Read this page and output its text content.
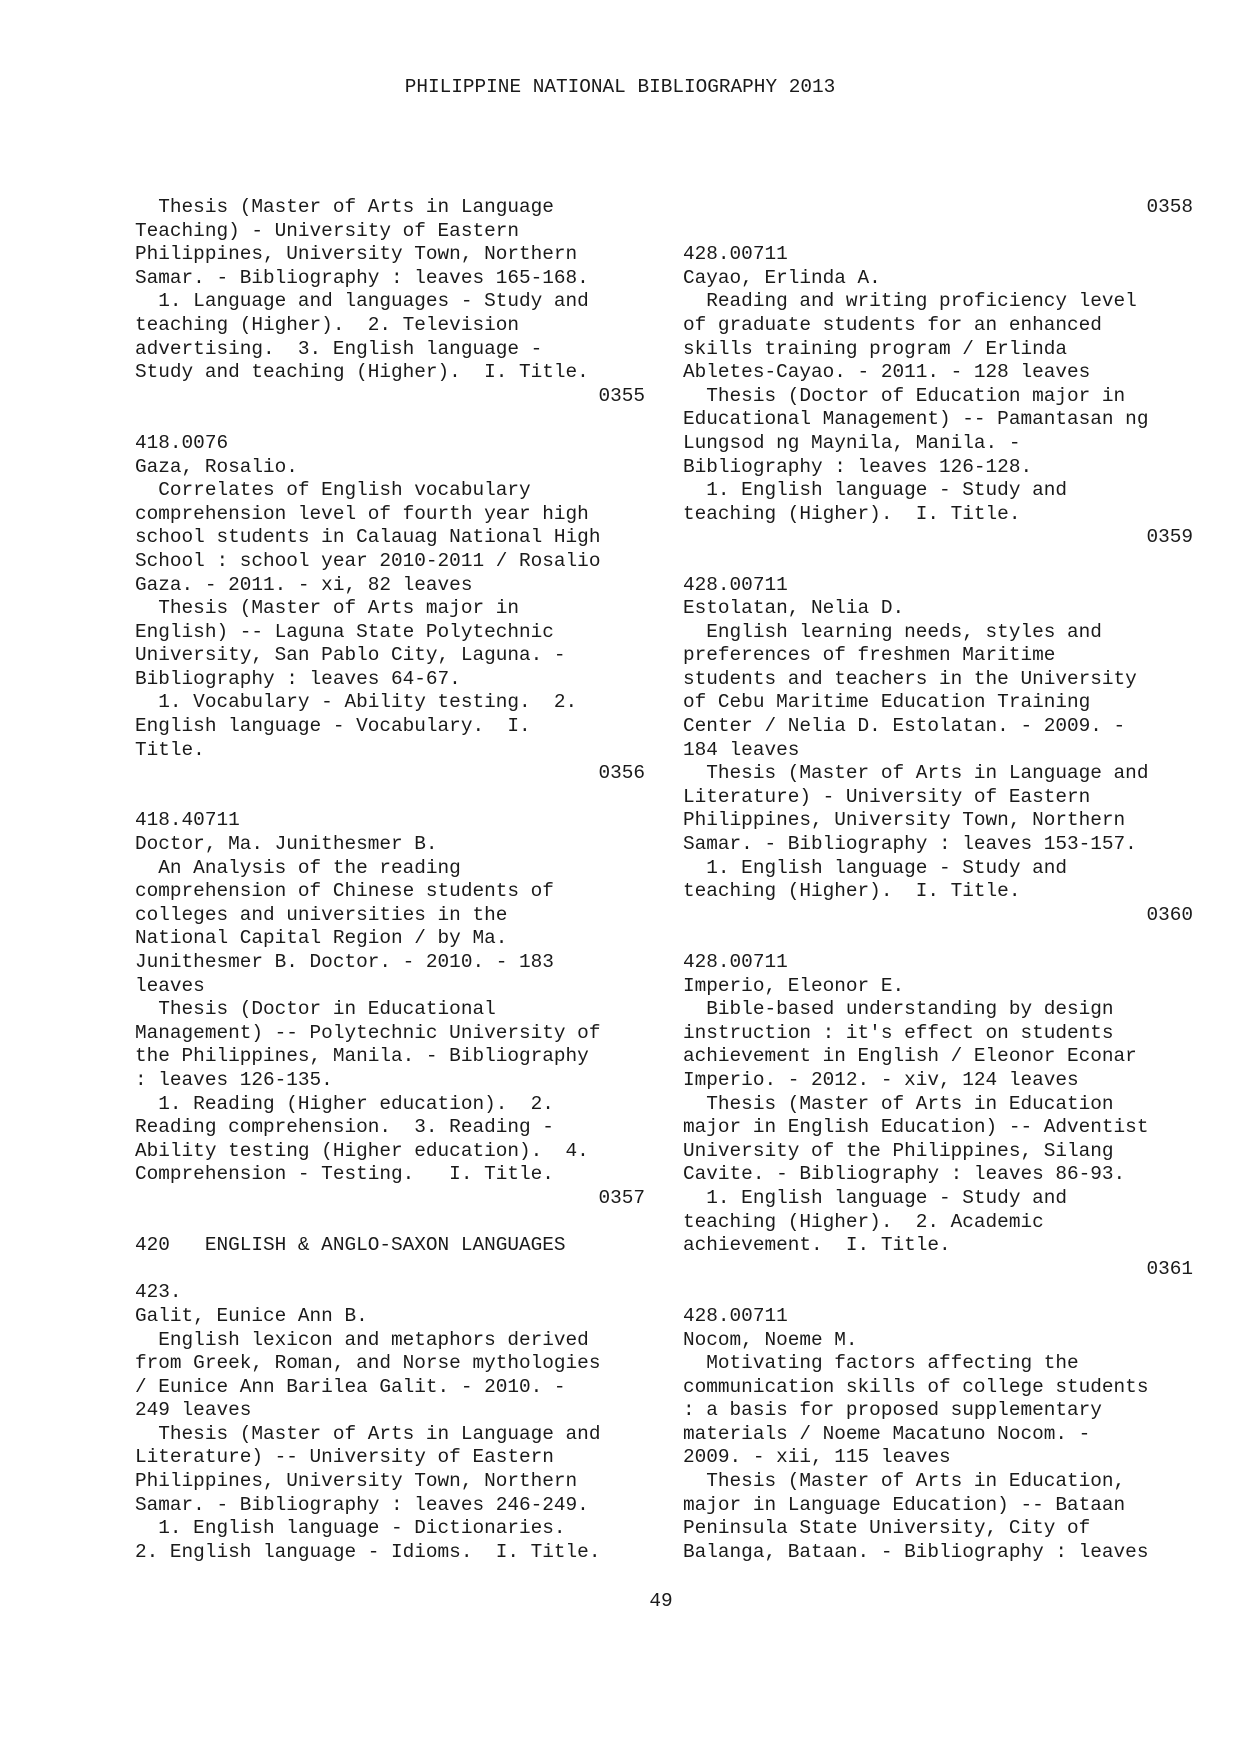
PHILIPPINE NATIONAL BIBLIOGRAPHY 2013
Thesis (Master of Arts in Language
Teaching) - University of Eastern
Philippines, University Town, Northern
Samar. - Bibliography : leaves 165-168.
1. Language and languages - Study and
teaching (Higher).  2. Television
advertising.  3. English language -
Study and teaching (Higher).  I. Title.
0355
418.0076
Gaza, Rosalio.
Correlates of English vocabulary
comprehension level of fourth year high
school students in Calauag National High
School : school year 2010-2011 / Rosalio
Gaza. - 2011. - xi, 82 leaves
Thesis (Master of Arts major in
English) -- Laguna State Polytechnic
University, San Pablo City, Laguna. -
Bibliography : leaves 64-67.
1. Vocabulary - Ability testing.  2.
English language - Vocabulary.  I.
Title.
0356
418.40711
Doctor, Ma. Junithesmer B.
An Analysis of the reading
comprehension of Chinese students of
colleges and universities in the
National Capital Region / by Ma.
Junithesmer B. Doctor. - 2010. - 183
leaves
Thesis (Doctor in Educational
Management) -- Polytechnic University of
the Philippines, Manila. - Bibliography
: leaves 126-135.
1. Reading (Higher education).  2.
Reading comprehension.  3. Reading -
Ability testing (Higher education).  4.
Comprehension - Testing.   I. Title.
0357
420   ENGLISH & ANGLO-SAXON LANGUAGES
423.
Galit, Eunice Ann B.
English lexicon and metaphors derived
from Greek, Roman, and Norse mythologies
/ Eunice Ann Barilea Galit. - 2010. -
249 leaves
Thesis (Master of Arts in Language and
Literature) -- University of Eastern
Philippines, University Town, Northern
Samar. - Bibliography : leaves 246-249.
1. English language - Dictionaries.
2. English language - Idioms.  I. Title.
0358
428.00711
Cayao, Erlinda A.
Reading and writing proficiency level
of graduate students for an enhanced
skills training program / Erlinda
Abletes-Cayao. - 2011. - 128 leaves
Thesis (Doctor of Education major in
Educational Management) -- Pamantasan ng
Lungsod ng Maynila, Manila. -
Bibliography : leaves 126-128.
1. English language - Study and
teaching (Higher).  I. Title.
0359
428.00711
Estolatan, Nelia D.
English learning needs, styles and
preferences of freshmen Maritime
students and teachers in the University
of Cebu Maritime Education Training
Center / Nelia D. Estolatan. - 2009. -
184 leaves
Thesis (Master of Arts in Language and
Literature) - University of Eastern
Philippines, University Town, Northern
Samar. - Bibliography : leaves 153-157.
1. English language - Study and
teaching (Higher).  I. Title.
0360
428.00711
Imperio, Eleonor E.
Bible-based understanding by design
instruction : it's effect on students
achievement in English / Eleonor Econar
Imperio. - 2012. - xiv, 124 leaves
Thesis (Master of Arts in Education
major in English Education) -- Adventist
University of the Philippines, Silang
Cavite. - Bibliography : leaves 86-93.
1. English language - Study and
teaching (Higher).  2. Academic
achievement.  I. Title.
0361
428.00711
Nocom, Noeme M.
Motivating factors affecting the
communication skills of college students
: a basis for proposed supplementary
materials / Noeme Macatuno Nocom. -
2009. - xii, 115 leaves
Thesis (Master of Arts in Education,
major in Language Education) -- Bataan
Peninsula State University, City of
Balanga, Bataan. - Bibliography : leaves
49
